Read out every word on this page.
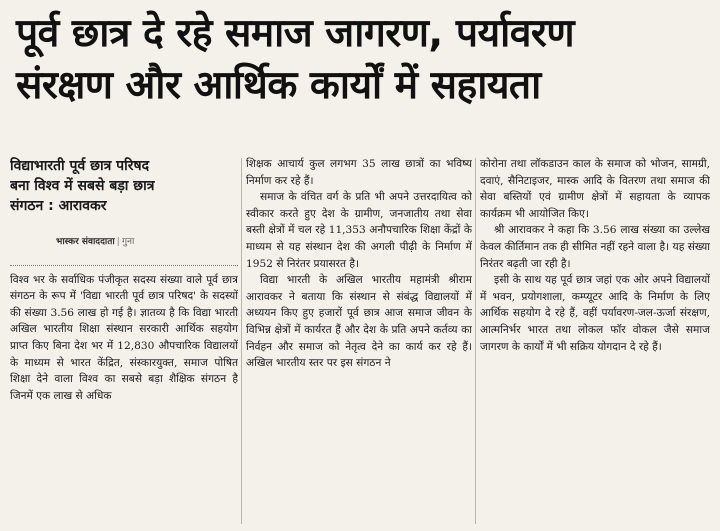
पूर्व छात्र दे रहे समाज जागरण, पर्यावरण
संरक्षण और आर्थिक कार्यों में सहायता
विद्याभारती पूर्व छात्र परिषद
बना विश्व में सबसे बड़ा छात्र
संगठन : आरावकर
भास्कर संवाददाता | गुना

विश्व भर के सर्वाधिक पंजीकृत सदस्य संख्या वाले पूर्व छात्र संगठन के रूप में 'विद्या भारती पूर्व छात्र परिषद' के सदस्यों की संख्या 3.56 लाख हो गई है। ज्ञातव्य है कि विद्या भारती अखिल भारतीय शिक्षा संस्थान सरकारी आर्थिक सहयोग प्राप्त किए बिना देश भर में 12,830 औपचारिक विद्यालयों के माध्यम से भारत केंद्रित, संस्कारयुक्त, समाज पोषित शिक्षा देने वाला विश्व का सबसे बड़ा शैक्षिक संगठन है जिनमें एक लाख से अधिक

शिक्षक आचार्य कुल लगभग 35 लाख छात्रों का भविष्य निर्माण कर रहे हैं।

समाज के वंचित वर्ग के प्रति भी अपने उत्तरदायित्व को स्वीकार करते हुए देश के ग्रामीण, जनजातीय तथा सेवा बस्ती क्षेत्रों में चल रहे 11,353 अनौपचारिक शिक्षा केंद्रों के माध्यम से यह संस्थान देश की अगली पीढ़ी के निर्माण में 1952 से निरंतर प्रयासरत है।

विद्या भारती के अखिल भारतीय महामंत्री श्रीराम आरावकर ने बताया कि संस्थान से संबंद्ध विद्यालयों में अध्ययन किए हुए हजारों पूर्व छात्र आज समाज जीवन के विभिन्न क्षेत्रों में कार्यरत हैं और देश के प्रति अपने कर्तव्य का निर्वहन और समाज को नेतृत्व देने का कार्य कर रहे हैं। अखिल भारतीय स्तर पर इस संगठन ने

कोरोना तथा लॉकडाउन काल के समाज को भोजन, सामग्री, दवाएं, सैनिटाइजर, मास्क आदि के वितरण तथा समाज की सेवा बस्तियों एवं ग्रामीण क्षेत्रों में सहायता के व्यापक कार्यक्रम भी आयोजित किए।

श्री आरावकर ने कहा कि 3.56 लाख संख्या का उल्लेख केवल कीर्तिमान तक ही सीमित नहीं रहने वाला है। यह संख्या निरंतर बढ़ती जा रही है।

इसी के साथ यह पूर्व छात्र जहां एक ओर अपने विद्यालयों में भवन, प्रयोगशाला, कम्प्यूटर आदि के निर्माण के लिए आर्थिक सहयोग दे रहे हैं, वहीं पर्यावरण-जल-ऊर्जा संरक्षण, आत्मनिर्भर भारत तथा लोकल फॉर वोकल जैसे समाज जागरण के कार्यों में भी सक्रिय योगदान दे रहे हैं।
